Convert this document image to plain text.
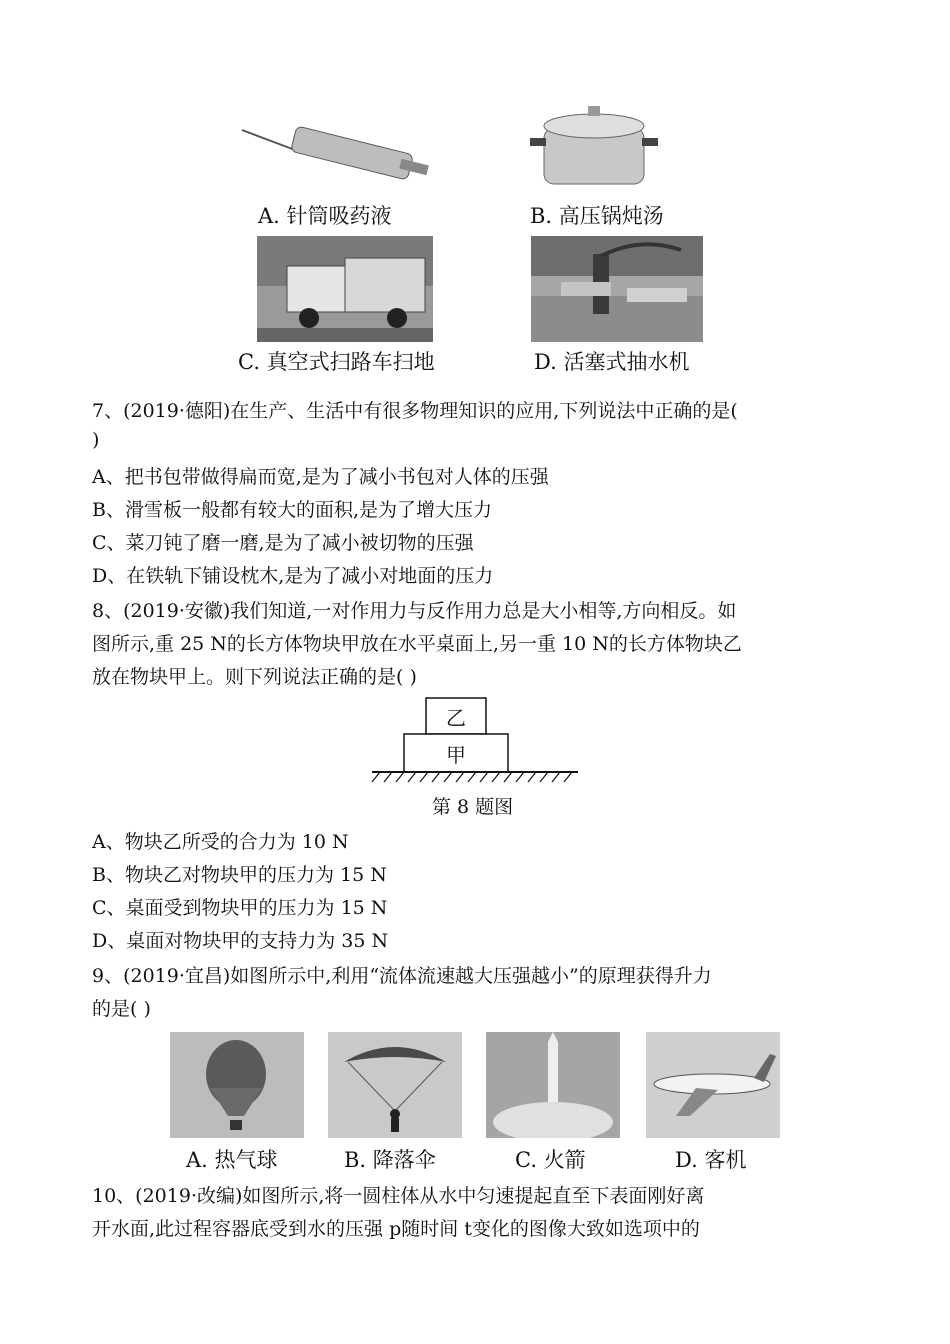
A. 针筒吸药液	B. 高压锅炖汤
C. 真空式扫路车扫地	D. 活塞式抽水机
7、(2019·德阳)在生产、生活中有很多物理知识的应用,下列说法中正确的是(
)
A、把书包带做得扁而宽,是为了减小书包对人体的压强
B、滑雪板一般都有较大的面积,是为了增大压力
C、菜刀钝了磨一磨,是为了减小被切物的压强
D、在铁轨下铺设枕木,是为了减小对地面的压力
8、(2019·安徽)我们知道,一对作用力与反作用力总是大小相等,方向相反。如
图所示,重 25 N的长方体物块甲放在水平桌面上,另一重 10 N的长方体物块乙
放在物块甲上。则下列说法正确的是( )
乙
甲
第 8 题图
A、物块乙所受的合力为 10 N
B、物块乙对物块甲的压力为 15 N
C、桌面受到物块甲的压力为 15 N
D、桌面对物块甲的支持力为 35 N
9、(2019·宜昌)如图所示中,利用“流体流速越大压强越小”的原理获得升力
的是( )
A. 热气球	B. 降落伞	C. 火箭	D. 客机
10、(2019·改编)如图所示,将一圆柱体从水中匀速提起直至下表面刚好离
开水面,此过程容器底受到水的压强 p随时间 t变化的图像大致如选项中的
